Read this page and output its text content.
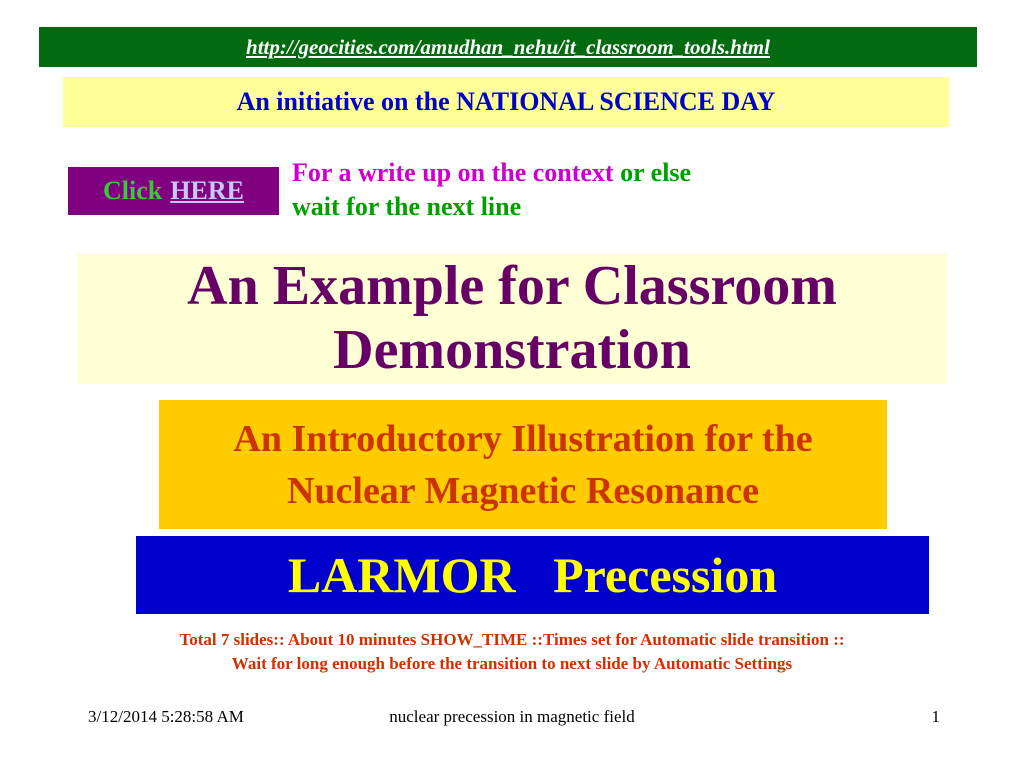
http://geocities.com/amudhan_nehu/it_classroom_tools.html
An initiative on the NATIONAL SCIENCE DAY
Click HERE
For a write up on the context or else
wait for the next line
An Example for Classroom
Demonstration
An Introductory Illustration for the
Nuclear Magnetic Resonance
LARMOR   Precession
Total 7 slides:: About 10 minutes SHOW_TIME ::Times set for Automatic slide transition ::
Wait for long enough before the transition to next slide by Automatic Settings
3/12/2014 5:28:58 AM	nuclear precession in magnetic field	1
